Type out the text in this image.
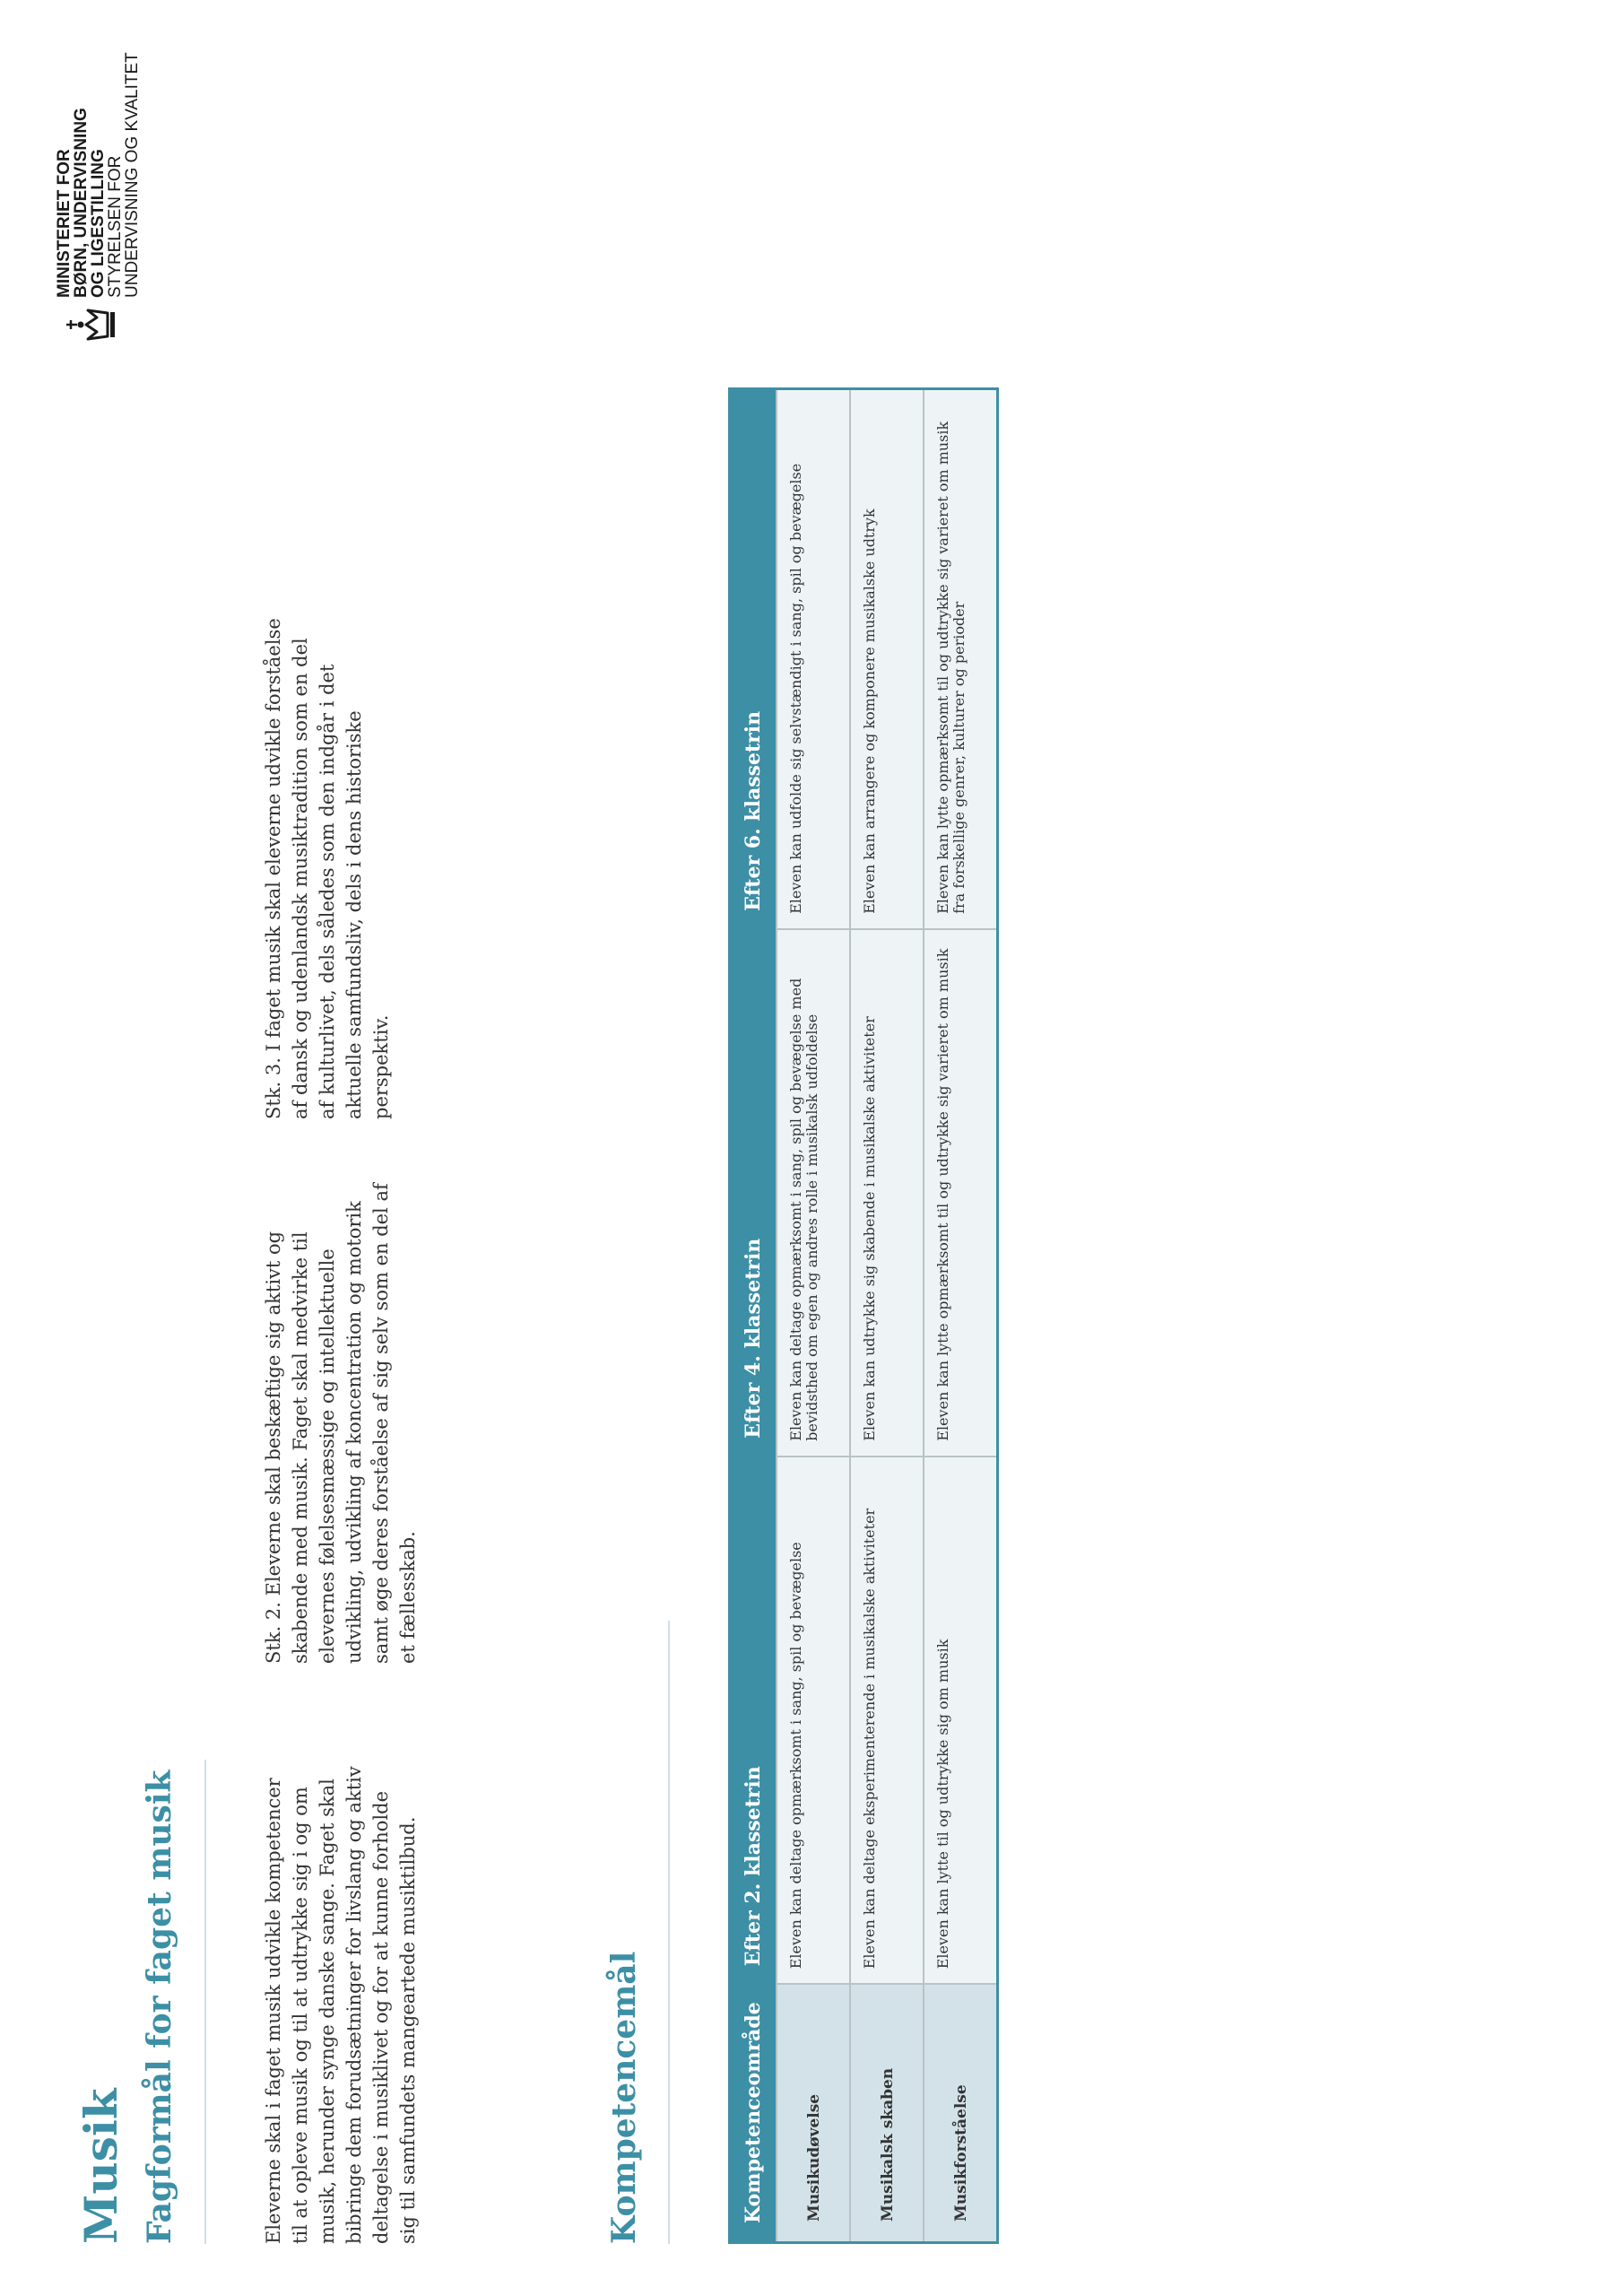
Musik Fagformål for faget musik	Eleverne skal i faget musik udvikle kompetencer til at opleve musik og til at udtrykke sig i og om musik, herunder synge danske sange. Faget skal bibringe dem forudsætninger for livslang og aktiv deltagelse i musiklivet og for at kunne forholde sig til samfundets mangeartede musiktilbud.
Stk. 2. Eleverne skal beskæftige sig aktivt og skabende med musik. Faget skal medvirke til elevernes følelsesmæssige og intellektuelle udvikling, udvikling af koncentration og motorik samt øge deres forståelse af sig selv som en del af et fællesskab.
Stk. 3. I faget musik skal eleverne udvikle forståelse af dansk og udenlandsk musiktradition som en del af kulturlivet, dels således som den indgår i det aktuelle samfundsliv, dels i dens historiske perspektiv.
Kompetencemål
MINISTERIET FOR
BØRN, UNDERVISNING
OG LIGESTILLING
STYRELSEN FOR
UNDERVISNING OG KVALITET
Kompetenceområde	Efter 2. klassetrin	Efter 4. klassetrin	Efter 6. klassetrin
Musikudøvelse	Eleven kan deltage opmærksomt i sang, spil og bevægelse	Eleven kan deltage opmærksomt i sang, spil og bevægelse med bevidsthed om egen og andres rolle i musikalsk udfoldelse	Eleven kan udfolde sig selvstændigt i sang, spil og bevægelse
Musikalsk skaben	Eleven kan deltage eksperimenterende i musikalske aktiviteter	Eleven kan udtrykke sig skabende i musikalske aktiviteter	Eleven kan arrangere og komponere musikalske udtryk
Musikforståelse	Eleven kan lytte til og udtrykke sig om musik	Eleven kan lytte opmærksomt til og udtrykke sig varieret om musik	Eleven kan lytte opmærksomt til og udtrykke sig varieret om musik fra forskellige genrer, kulturer og perioder
